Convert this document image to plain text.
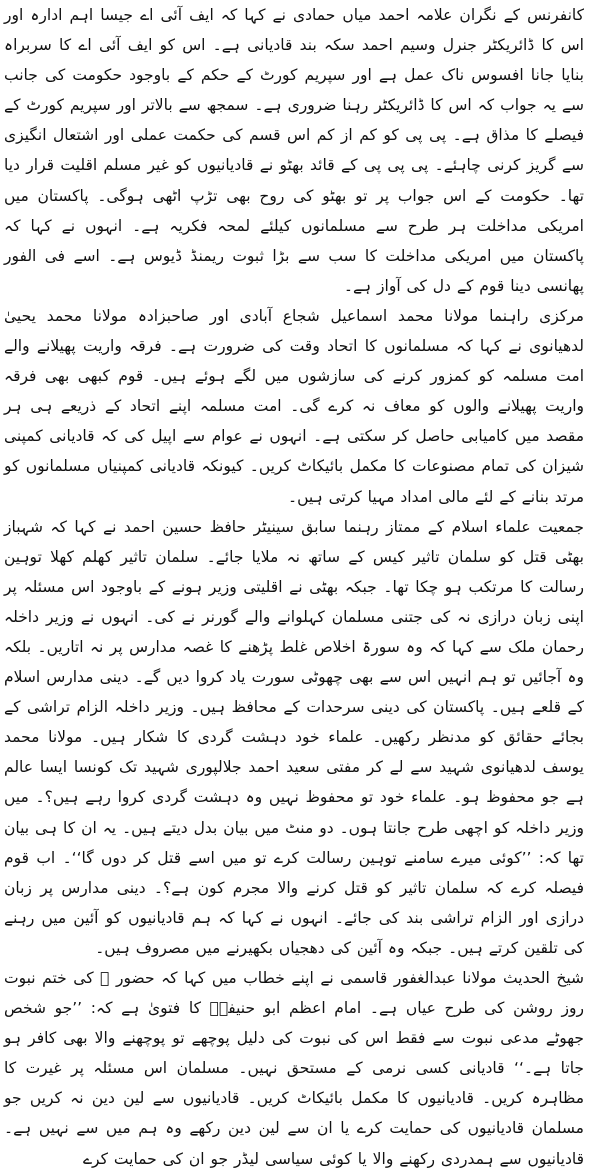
کانفرنس کے نگران علامہ احمد میاں حمادی نے کہا کہ ایف آئی اے جیسا اہم ادارہ اور اس کا ڈائریکٹر جنرل وسیم احمد سکہ بند قادیانی ہے۔ اس کو ایف آئی اے کا سربراہ بنایا جانا افسوس ناک عمل ہے اور سپریم کورٹ کے حکم کے باوجود حکومت کی جانب سے یہ جواب کہ اس کا ڈائریکٹر رہنا ضروری ہے۔ سمجھ سے بالاتر اور سپریم کورٹ کے فیصلے کا مذاق ہے۔ پی پی کو کم از کم اس قسم کی حکمت عملی اور اشتعال انگیزی سے گریز کرنی چاہئے۔ پی پی پی کے قائد بھٹو نے قادیانیوں کو غیر مسلم اقلیت قرار دیا تھا۔ حکومت کے اس جواب پر تو بھٹو کی روح بھی تڑپ اٹھی ہوگی۔ پاکستان میں امریکی مداخلت ہر طرح سے مسلمانوں کیلئے لمحہ فکریہ ہے۔ انہوں نے کہا کہ پاکستان میں امریکی مداخلت کا سب سے بڑا ثبوت ریمنڈ ڈیوس ہے۔ اسے فی الفور پھانسی دینا قوم کے دل کی آواز ہے۔

مرکزی راہنما مولانا محمد اسماعیل شجاع آبادی اور صاحبزادہ مولانا محمد یحییٰ لدھیانوی نے کہا کہ مسلمانوں کا اتحاد وقت کی ضرورت ہے۔ فرقہ واریت پھیلانے والے امت مسلمہ کو کمزور کرنے کی سازشوں میں لگے ہوئے ہیں۔ قوم کبھی بھی فرقہ واریت پھیلانے والوں کو معاف نہ کرے گی۔ امت مسلمہ اپنے اتحاد کے ذریعے ہی ہر مقصد میں کامیابی حاصل کر سکتی ہے۔ انہوں نے عوام سے اپیل کی کہ قادیانی کمپنی شیزان کی تمام مصنوعات کا مکمل بائیکاٹ کریں۔ کیونکہ قادیانی کمپنیاں مسلمانوں کو مرتد بنانے کے لئے مالی امداد مہیا کرتی ہیں۔

جمعیت علماء اسلام کے ممتاز رہنما سابق سینیٹر حافظ حسین احمد نے کہا کہ شہباز بھٹی قتل کو سلمان تاثیر کیس کے ساتھ نہ ملایا جائے۔ سلمان تاثیر کھلم کھلا توہین رسالت کا مرتکب ہو چکا تھا۔ جبکہ بھٹی نے اقلیتی وزیر ہونے کے باوجود اس مسئلہ پر اپنی زبان درازی نہ کی جتنی مسلمان کہلوانے والے گورنر نے کی۔ انہوں نے وزیر داخلہ رحمان ملک سے کہا کہ وہ سورۃ اخلاص غلط پڑھنے کا غصہ مدارس پر نہ اتاریں۔ بلکہ وہ آجائیں تو ہم انہیں اس سے بھی چھوٹی سورت یاد کروا دیں گے۔ دینی مدارس اسلام کے قلعے ہیں۔ پاکستان کی دینی سرحدات کے محافظ ہیں۔ وزیر داخلہ الزام تراشی کے بجائے حقائق کو مدنظر رکھیں۔ علماء خود دہشت گردی کا شکار ہیں۔ مولانا محمد یوسف لدھیانوی شہید سے لے کر مفتی سعید احمد جلالپوری شہید تک کونسا ایسا عالم ہے جو محفوظ ہو۔ علماء خود تو محفوظ نہیں وہ دہشت گردی کروا رہے ہیں؟۔ میں وزیر داخلہ کو اچھی طرح جانتا ہوں۔ دو منٹ میں بیان بدل دیتے ہیں۔ یہ ان کا ہی بیان تھا کہ: ’’کوئی میرے سامنے توہین رسالت کرے تو میں اسے قتل کر دوں گا‘‘۔ اب قوم فیصلہ کرے کہ سلمان تاثیر کو قتل کرنے والا مجرم کون ہے؟۔ دینی مدارس پر زبان درازی اور الزام تراشی بند کی جائے۔ انہوں نے کہا کہ ہم قادیانیوں کو آئین میں رہنے کی تلقین کرتے ہیں۔ جبکہ وہ آئین کی دھجیاں بکھیرنے میں مصروف ہیں۔

شیخ الحدیث مولانا عبدالغفور قاسمی نے اپنے خطاب میں کہا کہ حضور ﷺ کی ختم نبوت روز روشن کی طرح عیاں ہے۔ امام اعظم ابو حنیفہؒ کا فتویٰ ہے کہ: ’’جو شخص جھوٹے مدعی نبوت سے فقط اس کی نبوت کی دلیل پوچھے تو پوچھنے والا بھی کافر ہو جاتا ہے۔‘‘ قادیانی کسی نرمی کے مستحق نہیں۔ مسلمان اس مسئلہ پر غیرت کا مظاہرہ کریں۔ قادیانیوں کا مکمل بائیکاٹ کریں۔ قادیانیوں سے لین دین نہ کریں جو مسلمان قادیانیوں کی حمایت کرے یا ان سے لین دین رکھے وہ ہم میں سے نہیں ہے۔ قادیانیوں سے ہمدردی رکھنے والا یا کوئی سیاسی لیڈر جو ان کی حمایت کرے
